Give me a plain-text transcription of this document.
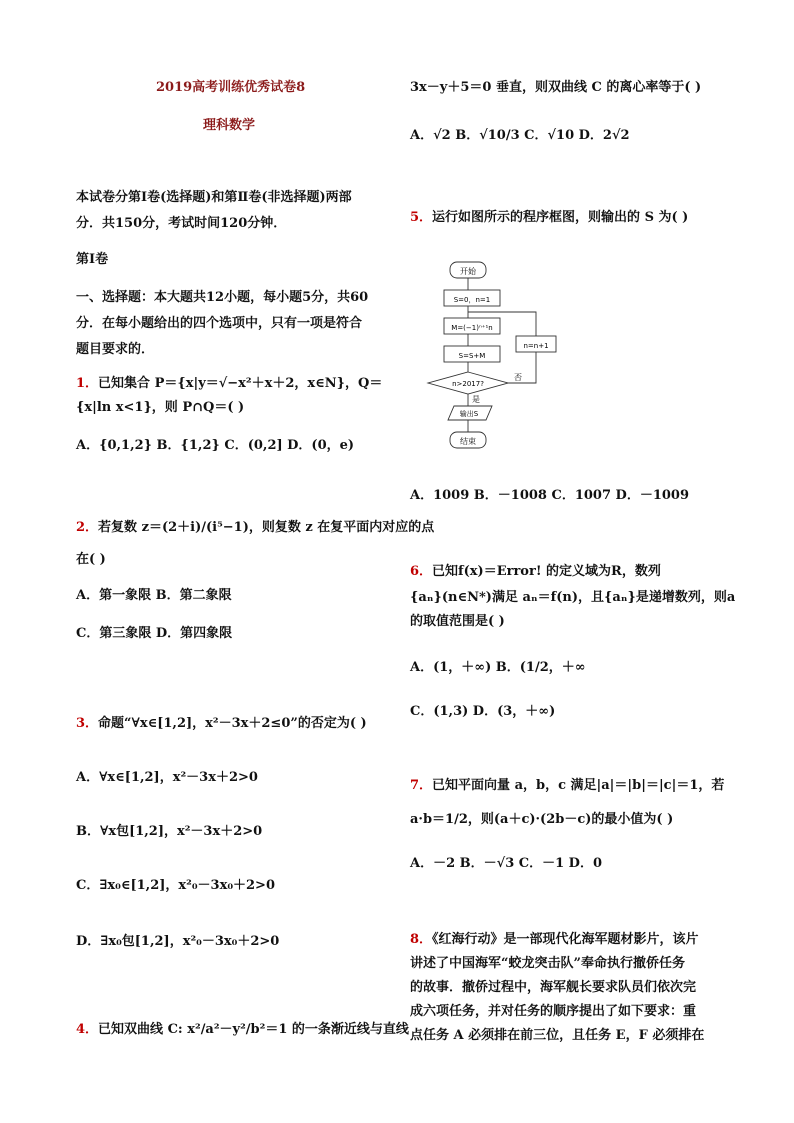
2019高考训练优秀试卷8
理科数学
本试卷分第Ⅰ卷(选择题)和第Ⅱ卷(非选择题)两部
分．共150分，考试时间120分钟．
第Ⅰ卷
一、选择题：本大题共12小题，每小题5分，共60
分．在每小题给出的四个选项中，只有一项是符合
题目要求的．
1．已知集合 P＝{x|y＝√−x²＋x＋2，x∈N}，Q＝
{x|ln x<1}，则 P∩Q＝( )
A．{0,1,2} B．{1,2} C．(0,2] D．(0，e)
2．若复数 z＝(2＋i)/(i⁵−1)，则复数 z 在复平面内对应的点
在( )
A．第一象限 B．第二象限
C．第三象限 D．第四象限
3．命题“∀x∈[1,2]，x²－3x＋2≤0”的否定为( )
A．∀x∈[1,2]，x²－3x＋2>0
B．∀x包[1,2]，x²－3x＋2>0
C．∃x₀∈[1,2]，x²₀－3x₀＋2>0
D．∃x₀包[1,2]，x²₀－3x₀＋2>0
4．已知双曲线 C: x²/a²－y²/b²＝1 的一条渐近线与直线
3x－y＋5＝0 垂直，则双曲线 C 的离心率等于( )
A．√2 B．√10/3 C．√10 D．2√2
5．运行如图所示的程序框图，则输出的 S 为( )
开始
S=0，n=1
M=(−1)ⁿ⁺¹n
S=S+M
n>2017?
n=n+1
否
是
输出S
结束
A．1009 B．－1008 C．1007 D．－1009
6．已知f(x)＝Error! 的定义域为R，数列
{aₙ}(n∈N*)满足 aₙ＝f(n)，且{aₙ}是递增数列，则a
的取值范围是( )
A．(1，＋∞) B．(1/2，＋∞
C．(1,3) D．(3，＋∞)
7．已知平面向量 a，b，c 满足|a|＝|b|＝|c|＝1，若
a·b＝1/2，则(a＋c)·(2b－c)的最小值为( )
A．－2 B．－√3 C．－1 D．0
8．《红海行动》是一部现代化海军题材影片，该片
讲述了中国海军“蛟龙突击队”奉命执行撤侨任务
的故事．撤侨过程中，海军舰长要求队员们依次完
成六项任务，并对任务的顺序提出了如下要求：重
点任务 A 必须排在前三位，且任务 E，F 必须排在
